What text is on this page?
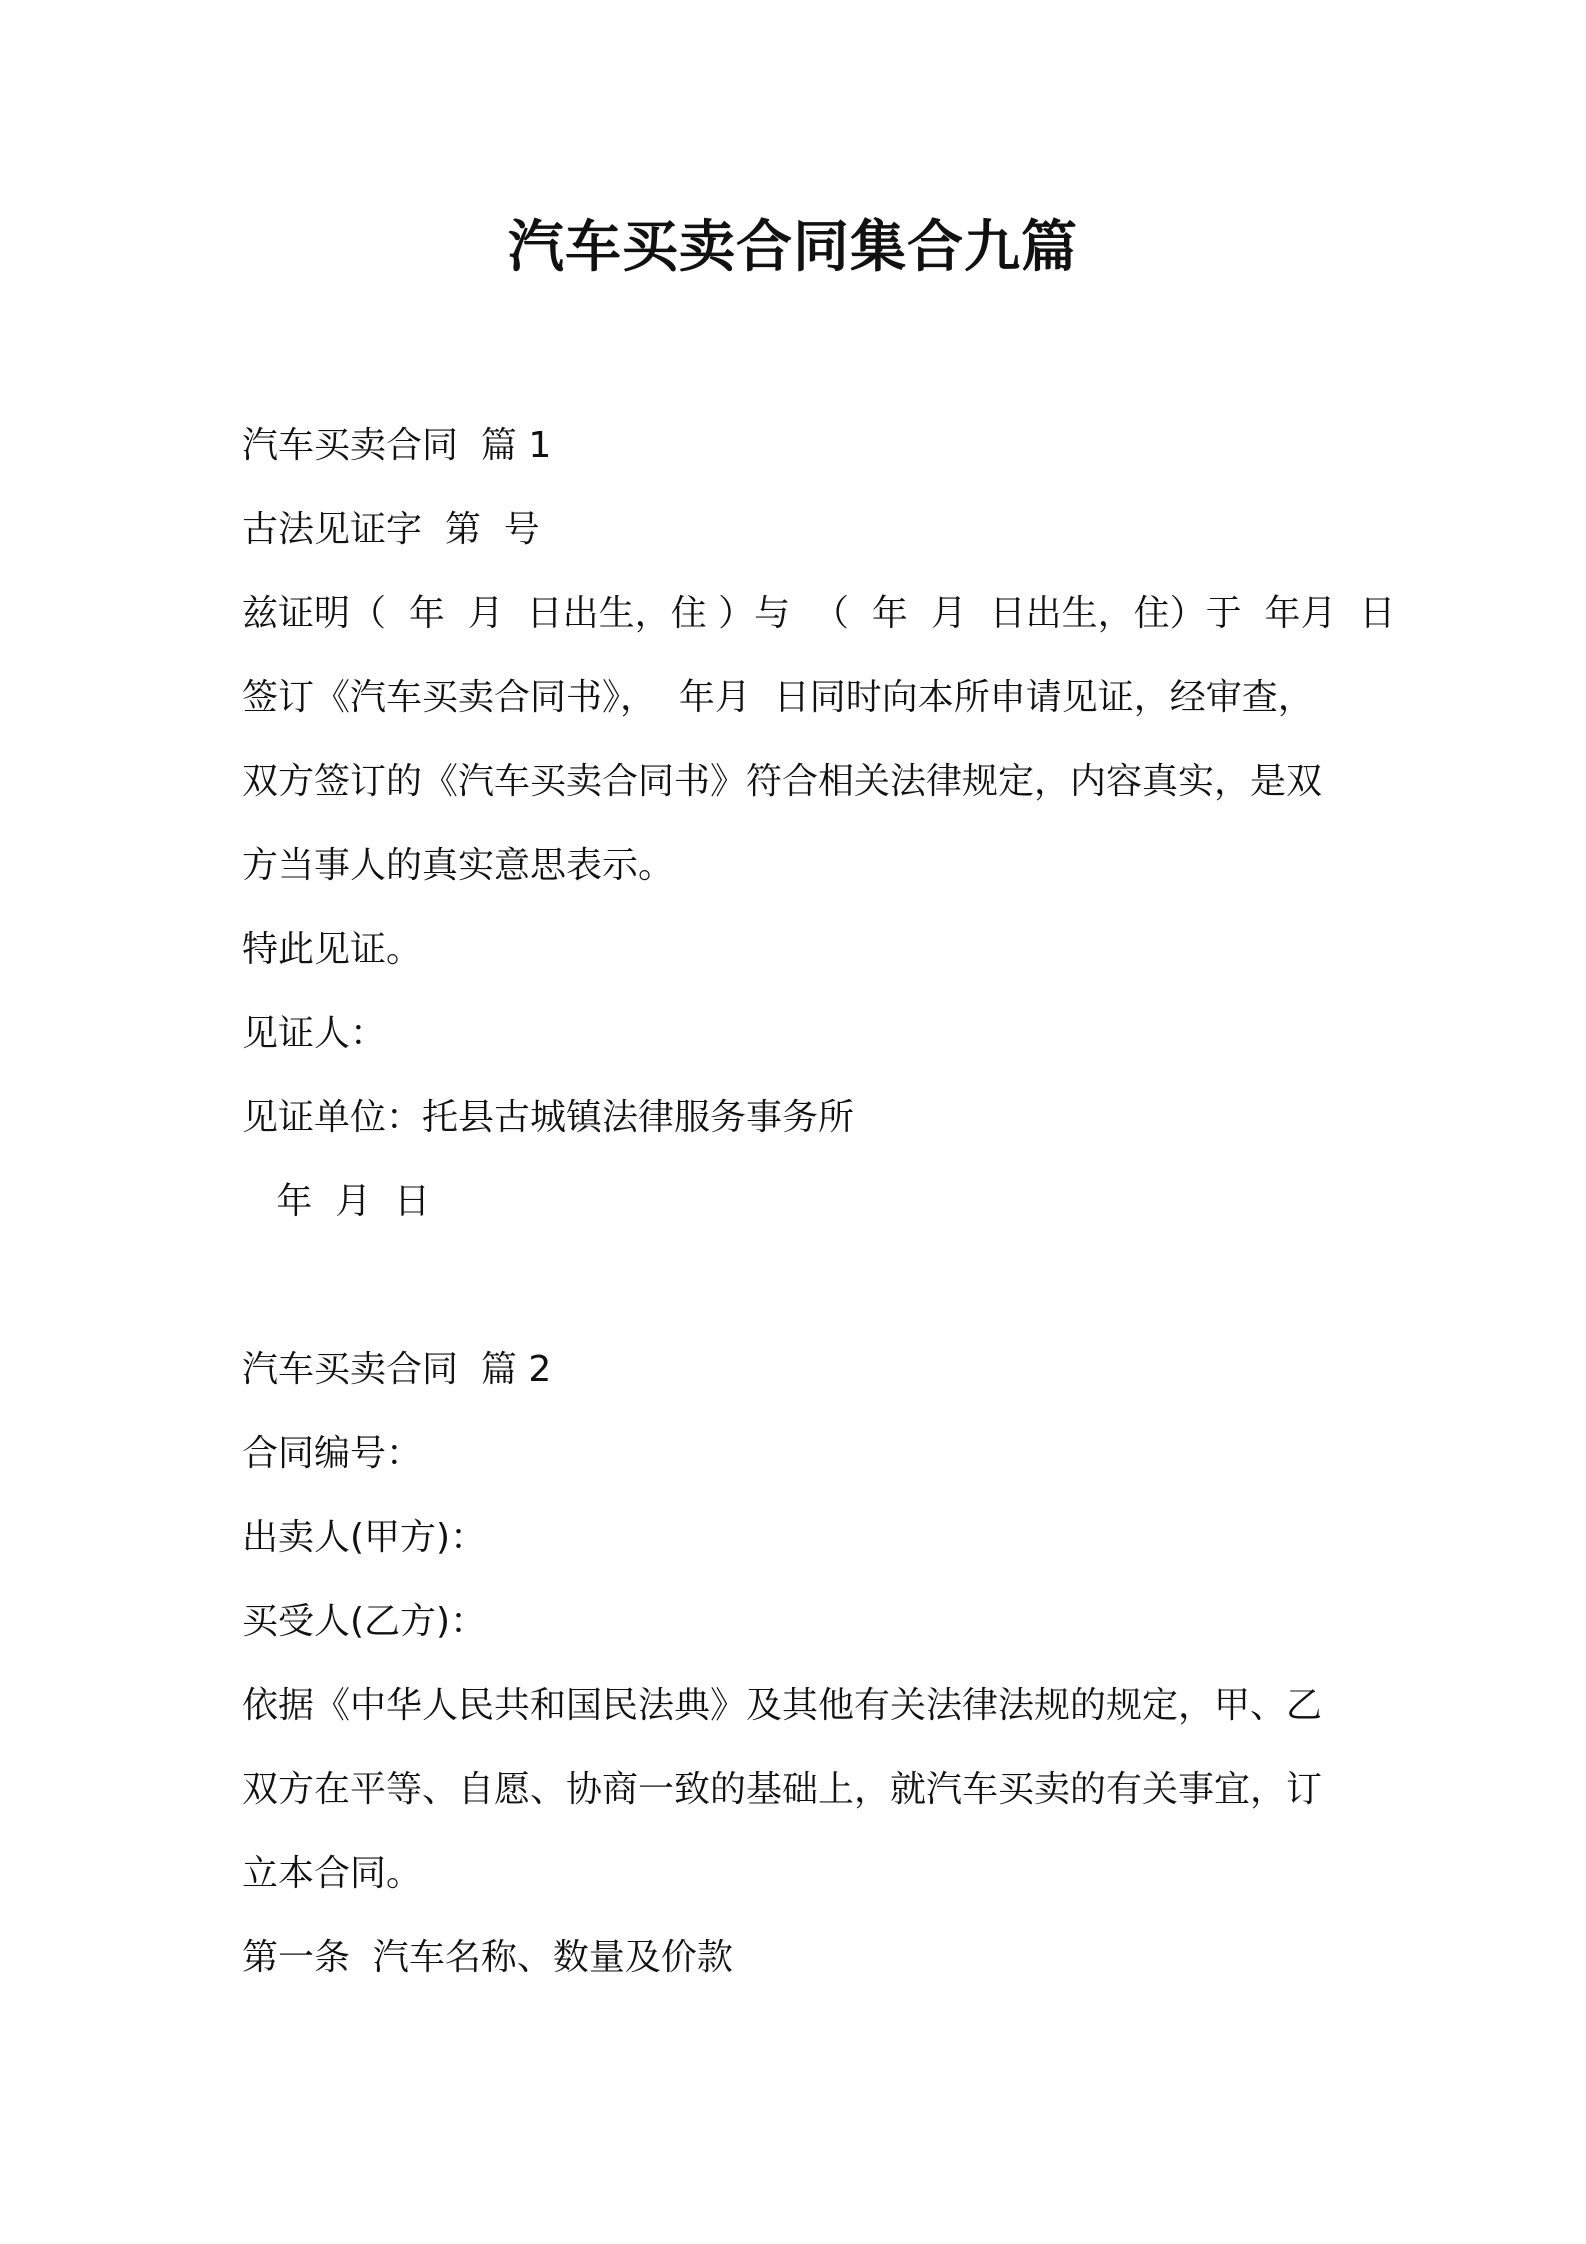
汽车买卖合同集合九篇
汽车买卖合同  篇 1
古法见证字  第  号
兹证明（  年  月  日出生，住 ）与  （  年  月  日出生，住）于  年月  日
签订《汽车买卖合同书》，  年月  日同时向本所申请见证，经审查，
双方签订的《汽车买卖合同书》符合相关法律规定，内容真实，是双
方当事人的真实意思表示。
特此见证。
见证人：
见证单位：托县古城镇法律服务事务所
年  月  日
汽车买卖合同  篇 2
合同编号：
出卖人(甲方)：
买受人(乙方)：
依据《中华人民共和国民法典》及其他有关法律法规的规定，甲、乙
双方在平等、自愿、协商一致的基础上，就汽车买卖的有关事宜，订
立本合同。
第一条  汽车名称、数量及价款
